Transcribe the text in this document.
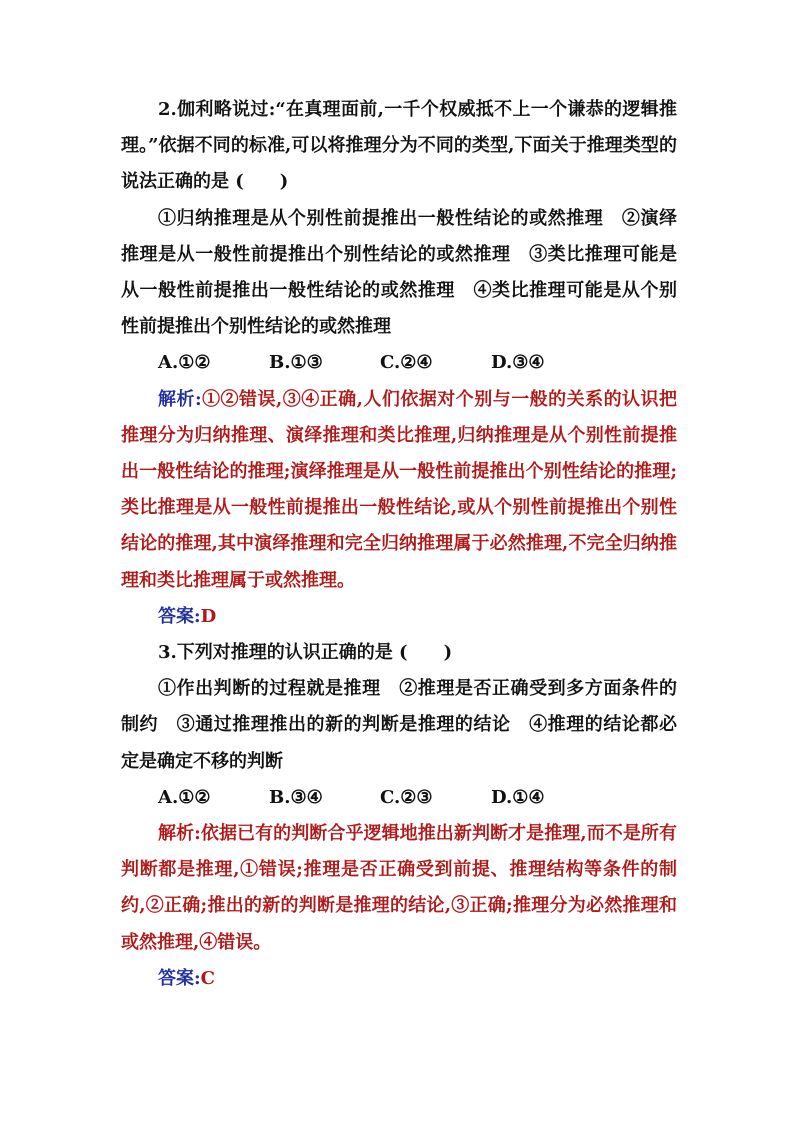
2.伽利略说过:“在真理面前,一千个权威抵不上一个谦恭的逻辑推理。”依据不同的标准,可以将推理分为不同的类型,下面关于推理类型的说法正确的是 (　　)

①归纳推理是从个别性前提推出一般性结论的或然推理　②演绎推理是从一般性前提推出个别性结论的或然推理　③类比推理可能是从一般性前提推出一般性结论的或然推理　④类比推理可能是从个别性前提推出个别性结论的或然推理

A.①②	B.①③	C.②④	D.③④

解析:①②错误,③④正确,人们依据对个别与一般的关系的认识把推理分为归纳推理、演绎推理和类比推理,归纳推理是从个别性前提推出一般性结论的推理;演绎推理是从一般性前提推出个别性结论的推理;类比推理是从一般性前提推出一般性结论,或从个别性前提推出个别性结论的推理,其中演绎推理和完全归纳推理属于必然推理,不完全归纳推理和类比推理属于或然推理。

答案:D

3.下列对推理的认识正确的是 (　　)

①作出判断的过程就是推理　②推理是否正确受到多方面条件的制约　③通过推理推出的新的判断是推理的结论　④推理的结论都必定是确定不移的判断

A.①②	B.③④	C.②③	D.①④

解析:依据已有的判断合乎逻辑地推出新判断才是推理,而不是所有判断都是推理,①错误;推理是否正确受到前提、推理结构等条件的制约,②正确;推出的新的判断是推理的结论,③正确;推理分为必然推理和或然推理,④错误。

答案:C
